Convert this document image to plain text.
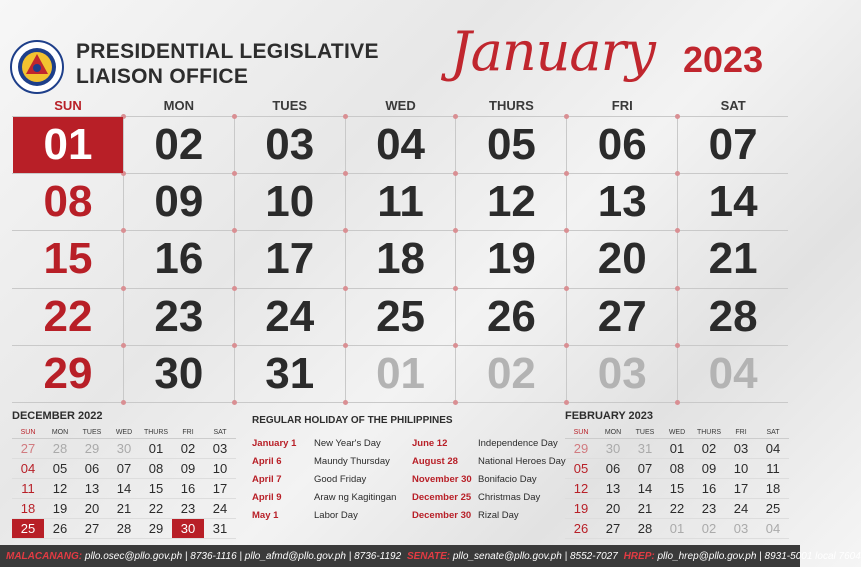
PRESIDENTIAL LEGISLATIVE
LIAISON OFFICE	January 2023
SUN	MON	TUES	WED	THURS	FRI	SAT
01	02	03	04	05	06	07
08	09	10	11	12	13	14
15	16	17	18	19	20	21
22	23	24	25	26	27	28
29	30	31	01	02	03	04
DECEMBER 2022
SUN	MON	TUES	WED	THURS	FRI	SAT
27	28	29	30	01	02	03
04	05	06	07	08	09	10
11	12	13	14	15	16	17
18	19	20	21	22	23	24
25	26	27	28	29	30	31
REGULAR HOLIDAY OF THE PHILIPPINES
January 1	New Year's Day
April 6	Maundy Thursday
April 7	Good Friday
April 9	Araw ng Kagitingan
May 1	Labor Day
June 12	Independence Day
August 28	National Heroes Day
November 30 Bonifacio Day
December 25 Christmas Day
December 30 Rizal Day
FEBRUARY 2023
SUN	MON	TUES	WED	THURS	FRI	SAT
29	30	31	01	02	03	04
05	06	07	08	09	10	11
12	13	14	15	16	17	18
19	20	21	22	23	24	25
26	27	28	01	02	03	04
MALACANANG:
pllo.osec@pllo.gov.ph | 8736-1116 | pllo_afmd@pllo.gov.ph | 8736-1192
SENATE:
pllo_senate@pllo.gov.ph | 8552-7027
HREP:
pllo_hrep@pllo.gov.ph | 8931-5001 local 7604
